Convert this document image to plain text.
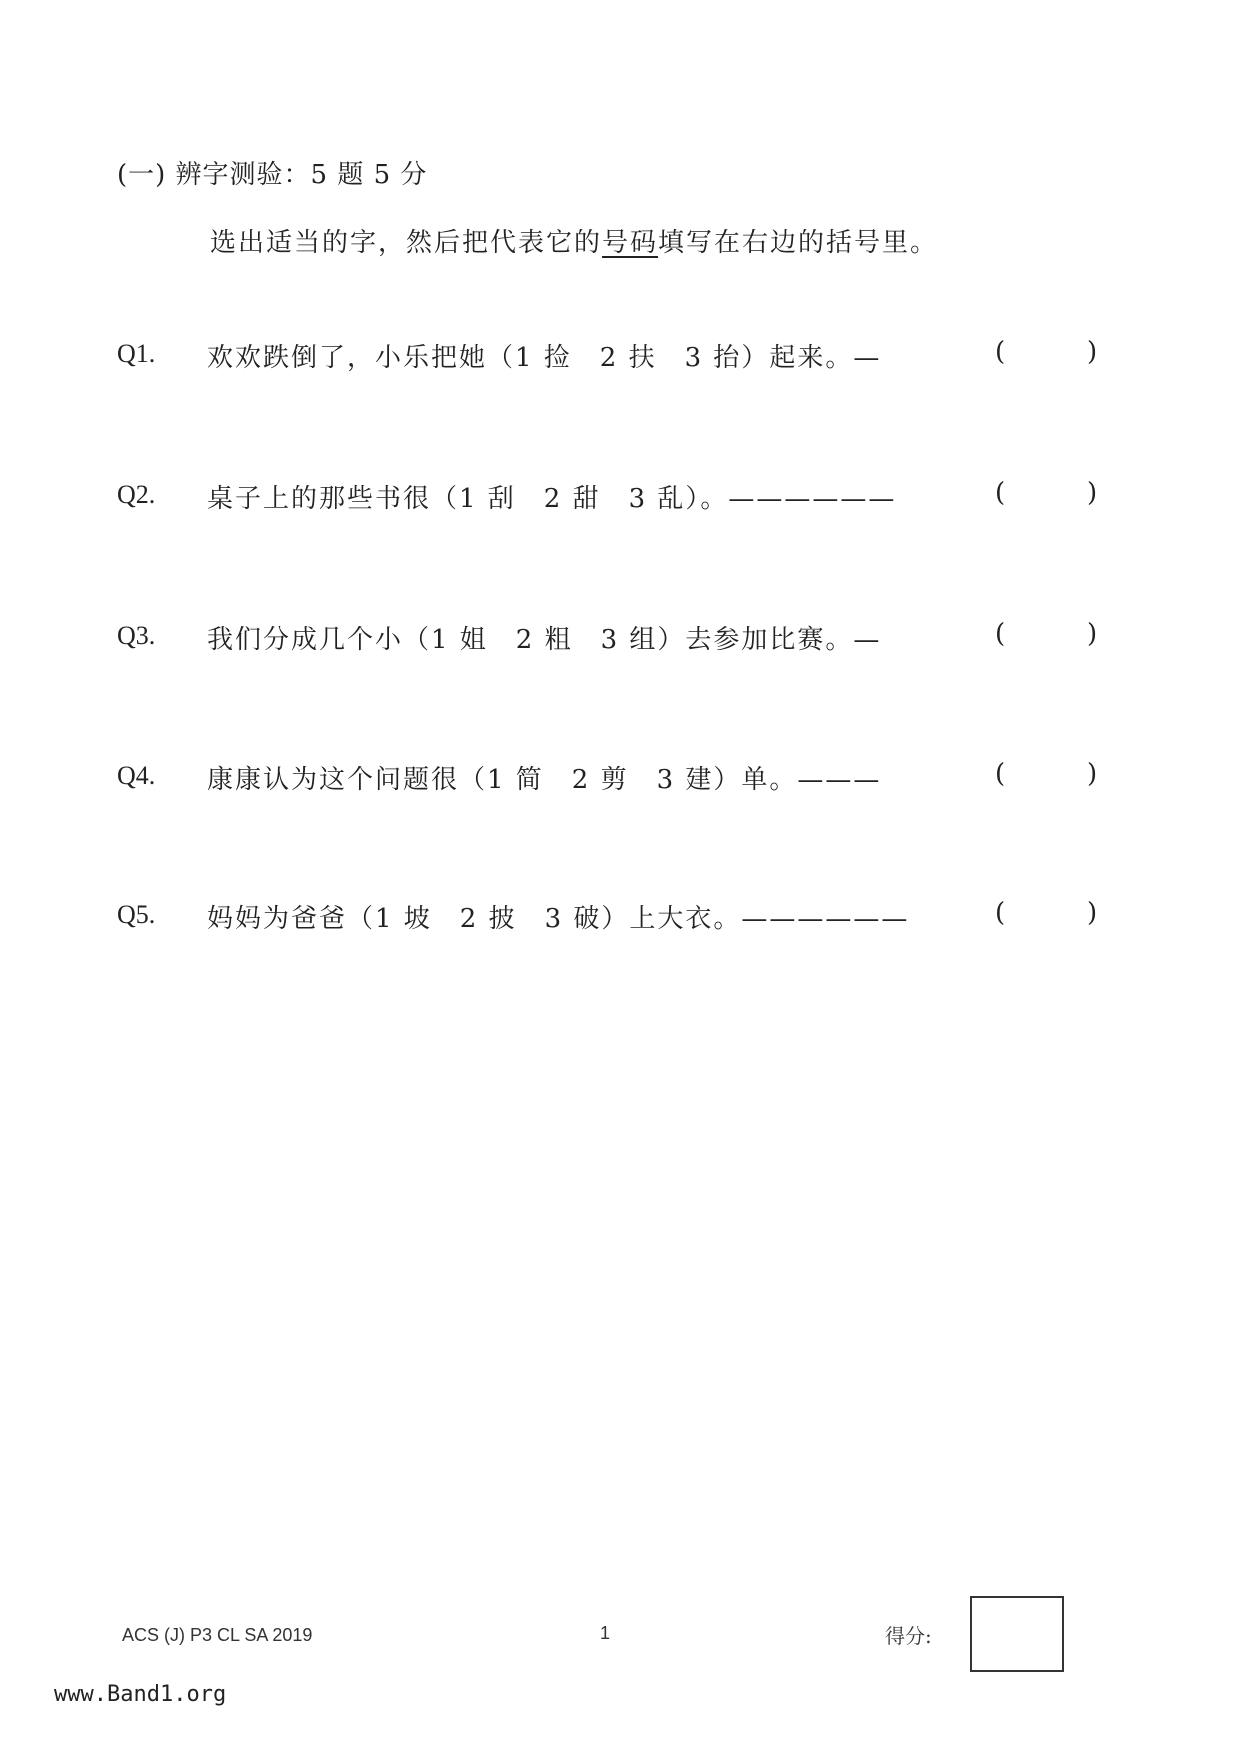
(一) 辨字测验：5 题 5 分
选出适当的字，然后把代表它的号码填写在右边的括号里。
Q1. 欢欢跌倒了，小乐把她（1 捡　2 扶　3 抬）起来。—	(	)
Q2. 桌子上的那些书很（1 刮　2 甜　3 乱）。——————	(	)
Q3. 我们分成几个小（1 姐　2 粗　3 组）去参加比赛。—	(	)
Q4. 康康认为这个问题很（1 简　2 剪　3 建）单。———	(	)
Q5. 妈妈为爸爸（1 坡　2 披　3 破）上大衣。——————	(	)
ACS (J) P3 CL SA 2019	1	得分:
www.Band1.org
